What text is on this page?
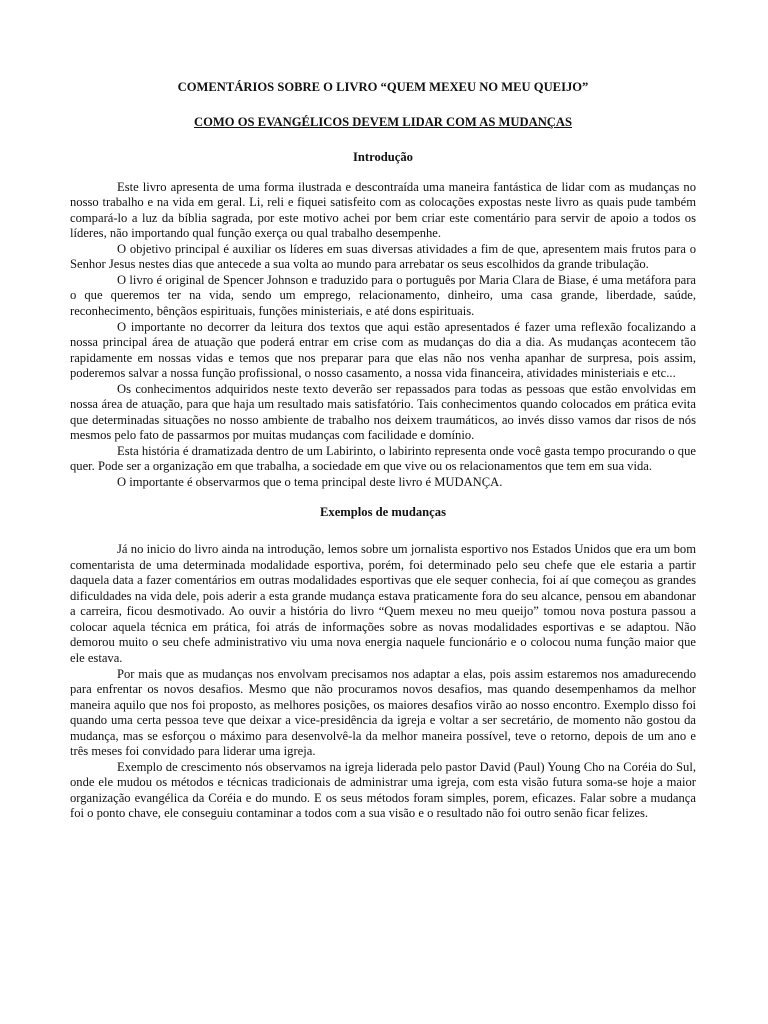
COMENTÁRIOS SOBRE O LIVRO “QUEM MEXEU NO MEU QUEIJO”
COMO OS EVANGÉLICOS DEVEM LIDAR COM AS MUDANÇAS
Introdução

Este livro apresenta de uma forma ilustrada e descontraída uma maneira fantástica de lidar com as mudanças no nosso trabalho e na vida em geral. Li, reli e fiquei satisfeito com as colocações expostas neste livro as quais pude também compará-lo a luz da bíblia sagrada, por este motivo achei por bem criar este comentário para servir de apoio a todos os líderes, não importando qual função exerça ou qual trabalho desempenhe.

O objetivo principal é auxiliar os líderes em suas diversas atividades a fim de que, apresentem mais frutos para o Senhor Jesus nestes dias que antecede a sua volta ao mundo para arrebatar os seus escolhidos da grande tribulação.

O livro é original de Spencer Johnson e traduzido para o português por Maria Clara de Biase, é uma metáfora para o que queremos ter na vida, sendo um emprego, relacionamento, dinheiro, uma casa grande, liberdade, saúde, reconhecimento, bênçãos espirituais, funções ministeriais, e até dons espirituais.

O importante no decorrer da leitura dos textos que aqui estão apresentados é fazer uma reflexão focalizando a nossa principal área de atuação que poderá entrar em crise com as mudanças do dia a dia. As mudanças acontecem tão rapidamente em nossas vidas e temos que nos preparar para que elas não nos venha apanhar de surpresa, pois assim, poderemos salvar a nossa função profissional, o nosso casamento, a nossa vida financeira, atividades ministeriais e etc...

Os conhecimentos adquiridos neste texto deverão ser repassados para todas as pessoas que estão envolvidas em nossa área de atuação, para que haja um resultado mais satisfatório. Tais conhecimentos quando colocados em prática evita que determinadas situações no nosso ambiente de trabalho nos deixem traumáticos, ao invés disso vamos dar risos de nós mesmos pelo fato de passarmos por muitas mudanças com facilidade e domínio.

Esta história é dramatizada dentro de um Labirinto, o labirinto representa onde você gasta tempo procurando o que quer. Pode ser a organização em que trabalha, a sociedade em que vive ou os relacionamentos que tem em sua vida.

O importante é observarmos que o tema principal deste livro é MUDANÇA.

Exemplos de mudanças

Já no inicio do livro ainda na introdução, lemos sobre um jornalista esportivo nos Estados Unidos que era um bom comentarista de uma determinada modalidade esportiva, porém, foi determinado pelo seu chefe que ele estaria a partir daquela data a fazer comentários em outras modalidades esportivas que ele sequer conhecia, foi aí que começou as grandes dificuldades na vida dele, pois aderir a esta grande mudança estava praticamente fora do seu alcance, pensou em abandonar a carreira, ficou desmotivado. Ao ouvir a história do livro “Quem mexeu no meu queijo” tomou nova postura passou a colocar aquela técnica em prática, foi atrás de informações sobre as novas modalidades esportivas e se adaptou. Não demorou muito o seu chefe administrativo viu uma nova energia naquele funcionário e o colocou numa função maior que ele estava.

Por mais que as mudanças nos envolvam precisamos nos adaptar a elas, pois assim estaremos nos amadurecendo para enfrentar os novos desafios. Mesmo que não procuramos novos desafios, mas quando desempenhamos da melhor maneira aquilo que nos foi proposto, as melhores posições, os maiores desafios virão ao nosso encontro. Exemplo disso foi quando uma certa pessoa teve que deixar a vice-presidência da igreja e voltar a ser secretário, de momento não gostou da mudança, mas se esforçou o máximo para desenvolvê-la da melhor maneira possível, teve o retorno, depois de um ano e três meses foi convidado para liderar uma igreja.

Exemplo de crescimento nós observamos na igreja liderada pelo pastor David (Paul) Young Cho na Coréia do Sul, onde ele mudou os métodos e técnicas tradicionais de administrar uma igreja, com esta visão futura soma-se hoje a maior organização evangélica da Coréia e do mundo. E os seus métodos foram simples, porem, eficazes. Falar sobre a mudança foi o ponto chave, ele conseguiu contaminar a todos com a sua visão e o resultado não foi outro senão ficar felizes.
